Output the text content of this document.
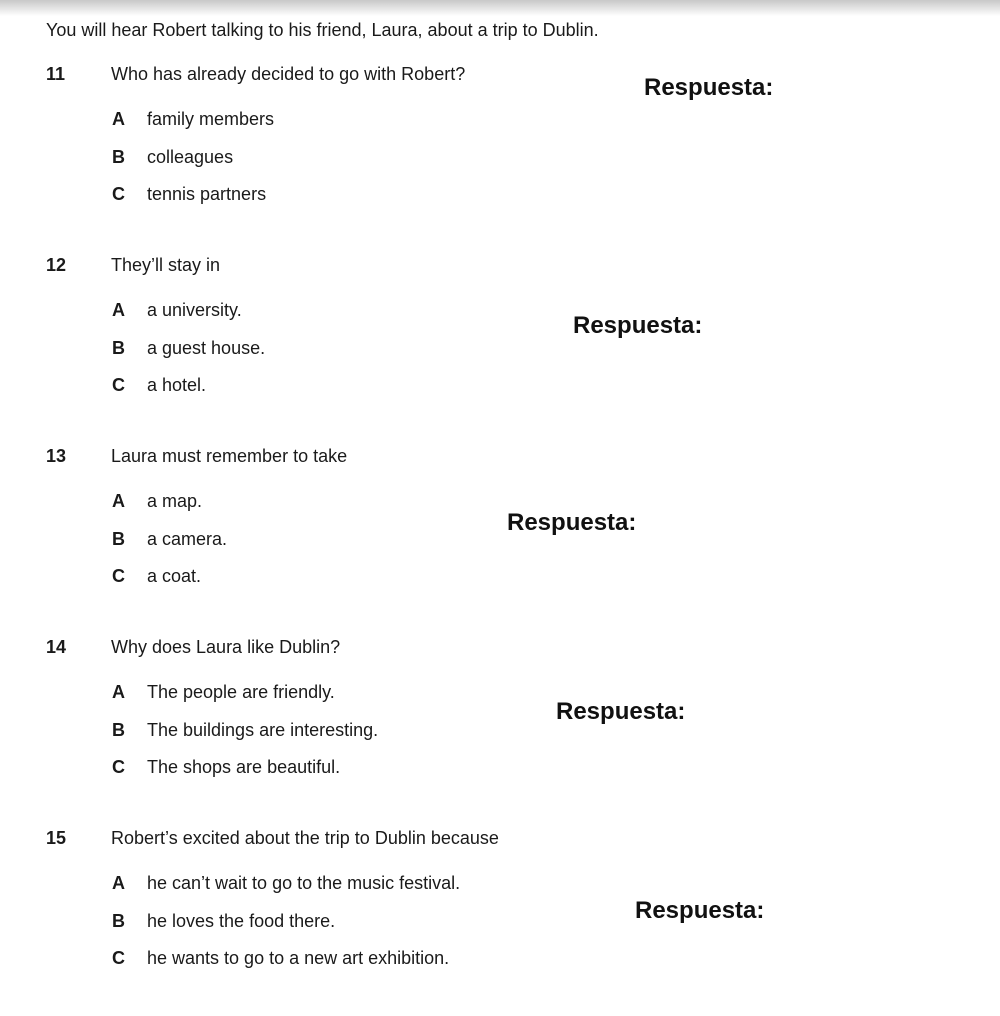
You will hear Robert talking to his friend, Laura, about a trip to Dublin.
11	Who has already decided to go with Robert?
A family members
B colleagues
C tennis partners
Respuesta:
12 They’ll stay in
A a university.
B a guest house.
C a hotel.
Respuesta:
13 Laura must remember to take
A a map.
B a camera.
C a coat.
Respuesta:
14 Why does Laura like Dublin?
A The people are friendly.
B The buildings are interesting.
C The shops are beautiful.
Respuesta:
15 Robert’s excited about the trip to Dublin because
A he can’t wait to go to the music festival.
B he loves the food there.
C he wants to go to a new art exhibition.
Respuesta:
